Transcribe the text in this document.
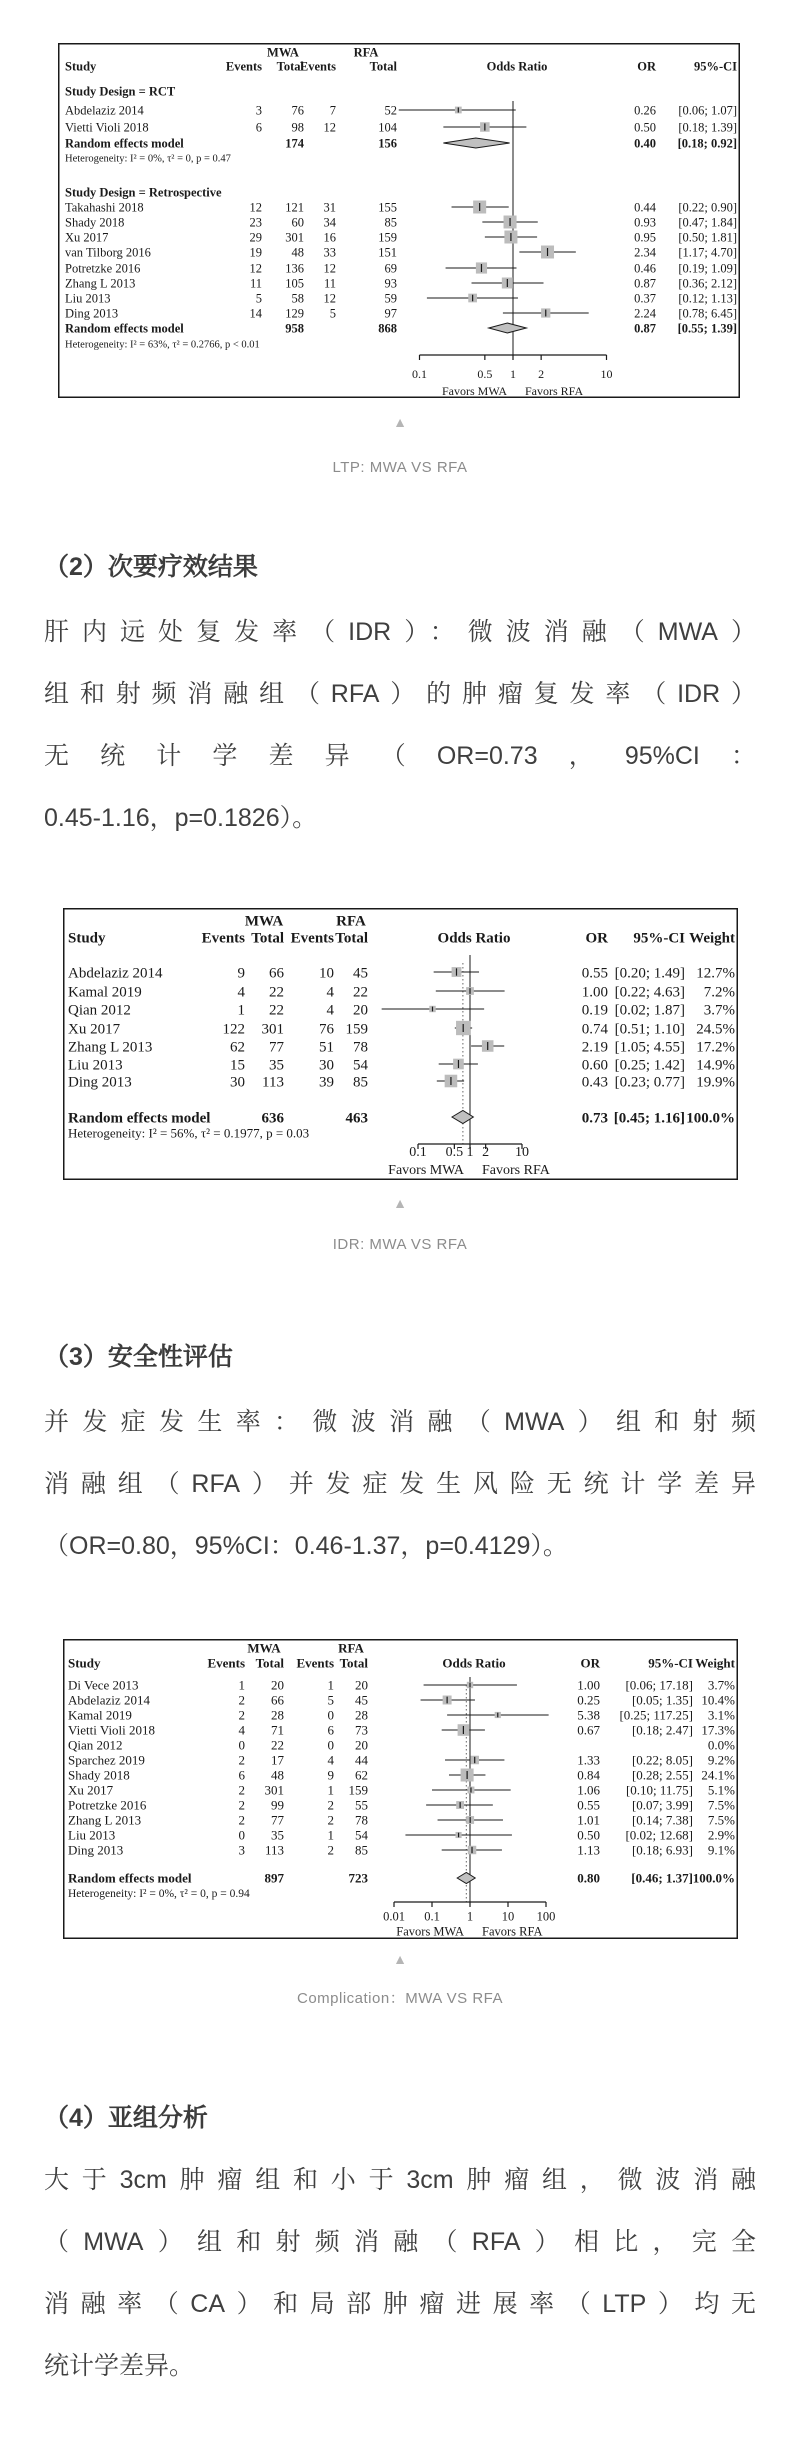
MWA	RFA
Study	Events Total
Events	Total	Odds Ratio	OR	95%-CI
Study Design = RCT
Abdelaziz 2014	3 76 7	52	0.26 [0.06; 1.07]
Vietti Violi 2018	6 98 12	104	0.50 [0.18; 1.39]
Random effects model	174	156	0.40 [0.18; 0.92]
Heterogeneity: I² = 0%, τ² = 0, p = 0.47
Study Design = Retrospective
Takahashi 2018	12 121 31	155	0.44 [0.22; 0.90]
Shady 2018	23 60 34	85	0.93 [0.47; 1.84]
Xu 2017	29 301 16	159	0.95 [0.50; 1.81]
van Tilborg 2016	19 48 33	151	2.34 [1.17; 4.70]
Potretzke 2016	12 136 12	69	0.46 [0.19; 1.09]
Zhang L 2013	11 105 11	93	0.87 [0.36; 2.12]
Liu 2013	5 58 12	59	0.37 [0.12; 1.13]
Ding 2013	14 129 5	97	2.24 [0.78; 6.45]
Random effects model	958	868	0.87 [0.55; 1.39]
Heterogeneity: I² = 63%, τ² = 0.2766, p < 0.01
0.1	0.5 1 2	10
Favors MWA Favors RFA
▲
LTP: MWA VS RFA
（2）次要疗效结果
肝内远处复发率（IDR）：微波消融（MWA）
组和射频消融组（RFA）的肿瘤复发率（IDR）
无统计学差异（OR=0.73，95%CI：
0.45-1.16，p=0.1826）。
MWA	RFA
Study	Events Total Events Total	Odds Ratio	OR 95%-CI Weight
Abdelaziz 2014	9 66 10 45	0.55 [0.20; 1.49] 12.7%
Kamal 2019	4 22	4 22	1.00 [0.22; 4.63] 7.2%
Qian 2012	1 22	4 20	0.19 [0.02; 1.87] 3.7%
Xu 2017	122 301 76 159	0.74 [0.51; 1.10] 24.5%
Zhang L 2013	62 77 51 78	2.19 [1.05; 4.55] 17.2%
Liu 2013	15 35 30 54	0.60 [0.25; 1.42] 14.9%
Ding 2013	30 113 39 85	0.43 [0.23; 0.77] 19.9%
Random effects model	636	463	0.73 [0.45; 1.16] 100.0%
Heterogeneity: I² = 56%, τ² = 0.1977, p = 0.03
0.1 0.5 1 2 10
Favors MWA Favors RFA
▲
IDR: MWA VS RFA
（3）安全性评估
并发症发生率：微波消融（MWA）组和射频
消融组（RFA）并发症发生风险无统计学差异
（OR=0.80，95%CI：0.46-1.37，p=0.4129）。
MWA	RFA
Study	Events Total Events Total	Odds Ratio	OR	95%-CI Weight
Di Vece 2013	1 20	1 20	1.00 [0.06; 17.18] 3.7%
Abdelaziz 2014	2 66	5 45	0.25 [0.05; 1.35] 10.4%
Kamal 2019	2 28	0 28	5.38 [0.25; 117.25] 3.1%
Vietti Violi 2018	4 71	6 73	0.67 [0.18; 2.47] 17.3%
Qian 2012	0 22	0 20	0.0%
Sparchez 2019	2 17	4 44	1.33 [0.22; 8.05] 9.2%
Shady 2018	6 48	9 62	0.84 [0.28; 2.55] 24.1%
Xu 2017	2 301	1 159	1.06 [0.10; 11.75] 5.1%
Potretzke 2016	2 99	2 55	0.55 [0.07; 3.99] 7.5%
Zhang L 2013	2 77	2 78	1.01 [0.14; 7.38] 7.5%
Liu 2013	0 35	1 54	0.50 [0.02; 12.68] 2.9%
Ding 2013	3 113	2 85	1.13 [0.18; 6.93] 9.1%
Random effects model	897	723	0.80 [0.46; 1.37] 100.0%
Heterogeneity: I² = 0%, τ² = 0, p = 0.94
0.01 0.1 1 10 100
Favors MWA Favors RFA
▲
Complication：MWA VS RFA
（4）亚组分析
大于3cm肿瘤组和小于3cm肿瘤组，微波消融
（MWA）组和射频消融（RFA）相比，完全
消融率（CA）和局部肿瘤进展率（LTP）均无
统计学差异。
